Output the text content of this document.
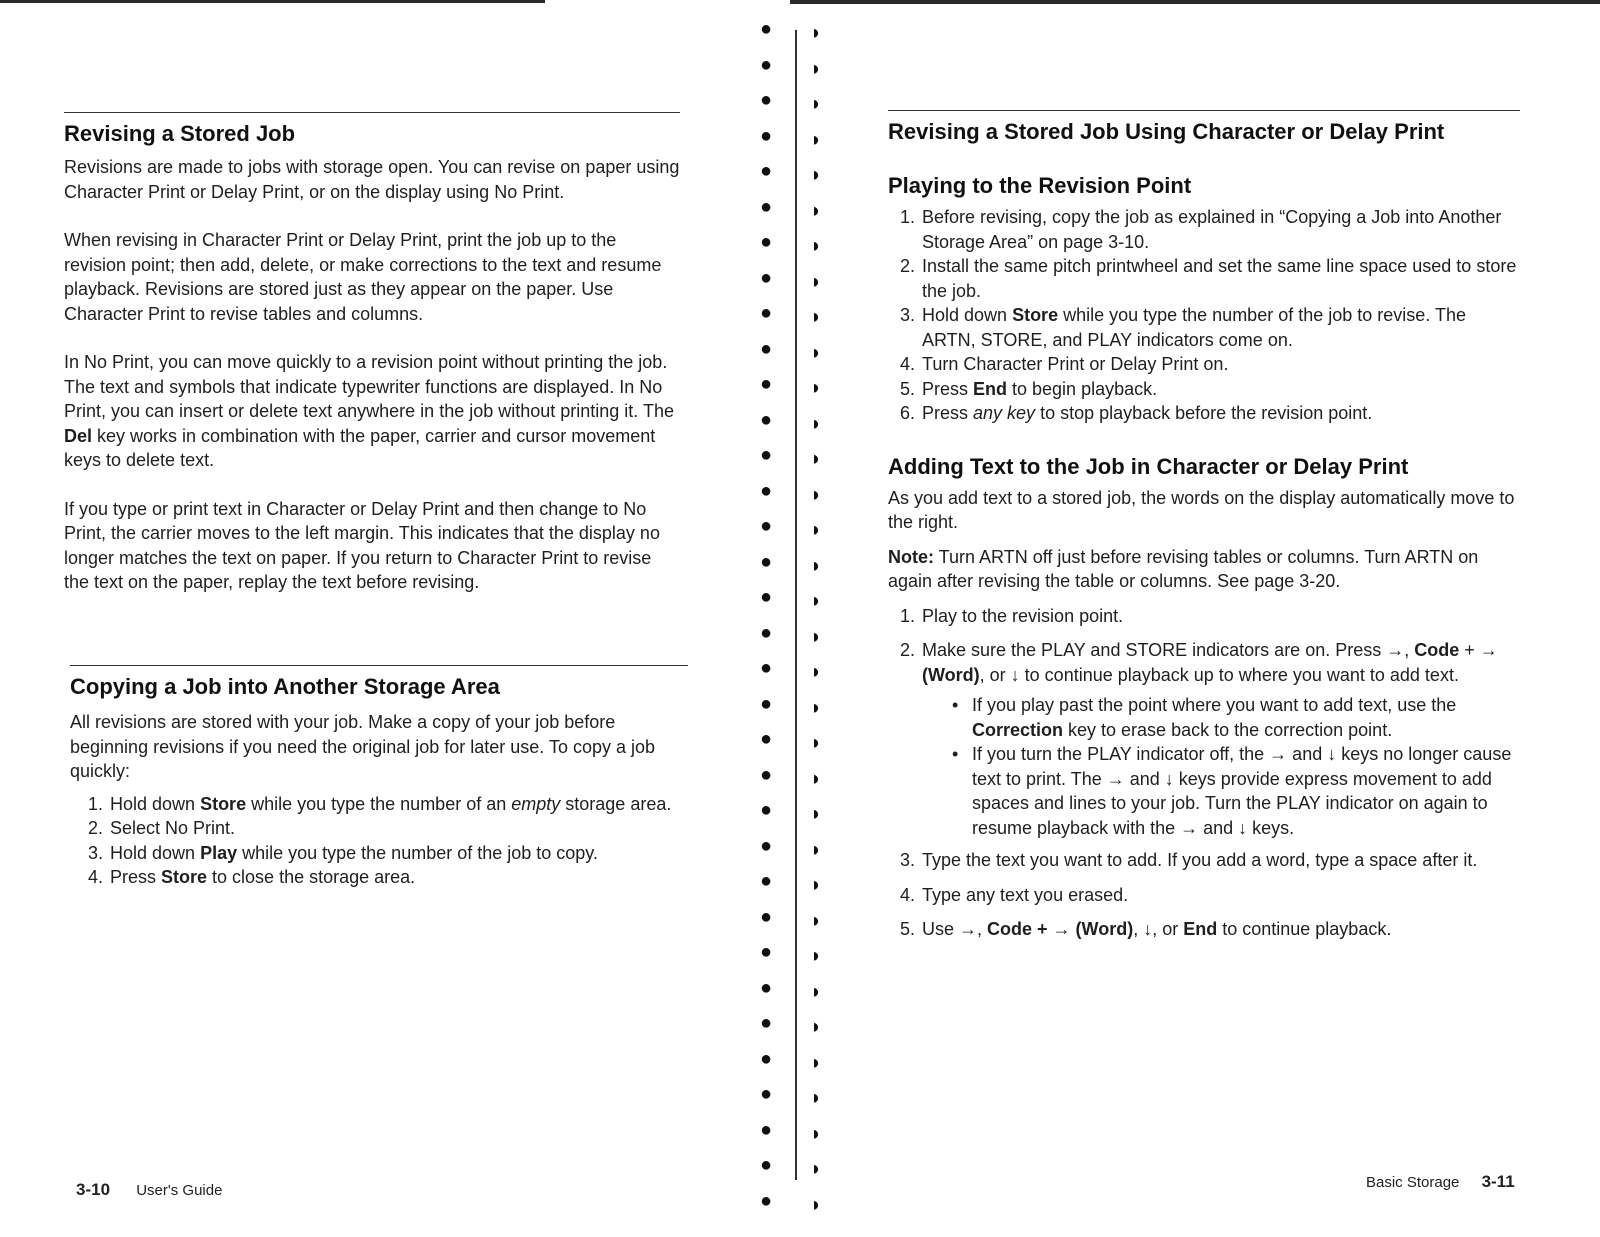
Revising a Stored Job

Revisions are made to jobs with storage open. You can revise on paper using Character Print or Delay Print, or on the display using No Print.

When revising in Character Print or Delay Print, print the job up to the revision point; then add, delete, or make corrections to the text and resume playback. Revisions are stored just as they appear on the paper. Use Character Print to revise tables and columns.

In No Print, you can move quickly to a revision point without printing the job. The text and symbols that indicate typewriter functions are displayed. In No Print, you can insert or delete text anywhere in the job without printing it. The Del key works in combination with the paper, carrier and cursor movement keys to delete text.

If you type or print text in Character or Delay Print and then change to No Print, the carrier moves to the left margin. This indicates that the display no longer matches the text on paper. If you return to Character Print to revise the text on the paper, replay the text before revising.

Copying a Job into Another Storage Area

All revisions are stored with your job. Make a copy of your job before beginning revisions if you need the original job for later use. To copy a job quickly:

1. Hold down Store while you type the number of an empty storage area.
2. Select No Print.
3. Hold down Play while you type the number of the job to copy.
4. Press Store to close the storage area.
3-10 User's Guide
● ◗
● ◗
● ◗
● ◗
● ◗
● ◗
● ◗
● ◗
● ◗
● ◗
● ◗
● ◗
● ◗
● ◗
● ◗
● ◗
● ◗
● ◗
● ◗
● ◗
● ◗
● ◗
● ◗
● ◗
● ◗
● ◗
● ◗
● ◗
● ◗
● ◗
● ◗
● ◗
● ◗
● ◗
Revising a Stored Job Using Character or Delay Print
Playing to the Revision Point
1. Before revising, copy the job as explained in “Copying a Job into Another Storage Area” on page 3-10.
2. Install the same pitch printwheel and set the same line space used to store the job.
3. Hold down Store while you type the number of the job to revise. The ARTN, STORE, and PLAY indicators come on.
4. Turn Character Print or Delay Print on.
5. Press End to begin playback.
6. Press any key to stop playback before the revision point.
Adding Text to the Job in Character or Delay Print

As you add text to a stored job, the words on the display automatically move to the right.

Note: Turn ARTN off just before revising tables or columns. Turn ARTN on again after revising the table or columns. See page 3-20.

1. Play to the revision point.
2. Make sure the PLAY and STORE indicators are on. Press →, Code + → (Word), or ↓ to continue playback up to where you want to add text.
• If you play past the point where you want to add text, use the Correction key to erase back to the correction point.
• If you turn the PLAY indicator off, the → and ↓ keys no longer cause text to print. The → and ↓ keys provide express movement to add spaces and lines to your job. Turn the PLAY indicator on again to resume playback with the → and ↓ keys.
3. Type the text you want to add. If you add a word, type a space after it.
4. Type any text you erased.
5. Use →, Code + → (Word), ↓, or End to continue playback.
Basic Storage 3-11
